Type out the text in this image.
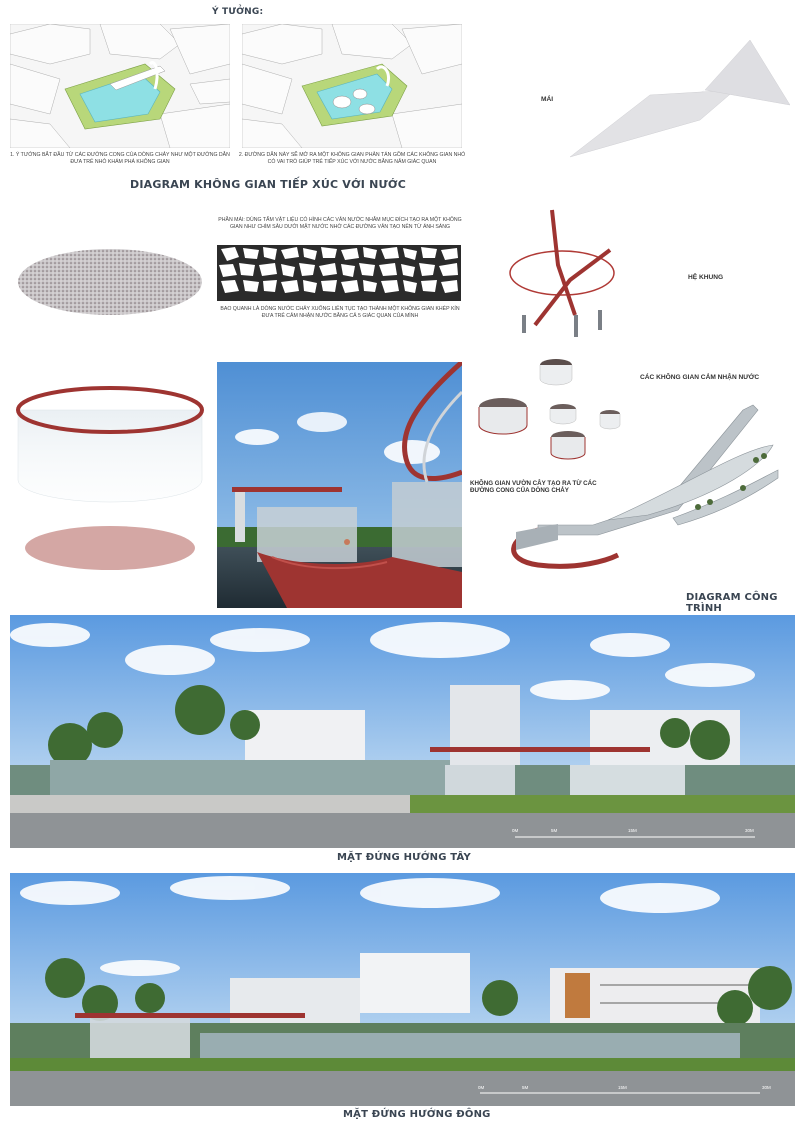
Ý TƯỞNG:
1. Ý TƯỞNG BẮT ĐẦU TỪ CÁC ĐƯỜNG CONG CỦA DÒNG CHẢY NHƯ MỘT ĐƯỜNG DẪN ĐƯA TRẺ NHỎ KHÁM PHÁ KHÔNG GIAN
2. ĐƯỜNG DẪN NÀY SẼ MỞ RA MỘT KHÔNG GIAN PHÂN TÁN GỒM CÁC KHÔNG GIAN NHỎ CÓ VAI TRÒ GIÚP TRẺ TIẾP XÚC VỚI NƯỚC BẰNG NĂM GIÁC QUAN
DIAGRAM KHÔNG GIAN TIẾP XÚC VỚI NƯỚC
MÁI
PHẦN MÁI: DÙNG TẤM VẬT LIỆU CÓ HÌNH CÁC VÂN NƯỚC NHẰM MỤC ĐÍCH TẠO RA MỘT KHÔNG GIAN NHƯ CHÌM SÂU DƯỚI MẶT NƯỚC NHỜ CÁC ĐƯỜNG VÂN TẠO NÊN TỪ ÁNH SÁNG
BAO QUANH LÀ DÒNG NƯỚC CHẢY XUỐNG LIÊN TỤC TẠO THÀNH MỘT KHÔNG GIAN KHÉP KÍN ĐƯA TRẺ CẢM NHẬN NƯỚC BẰNG CẢ 5 GIÁC QUAN CỦA MÌNH
HỆ KHUNG
CÁC KHÔNG GIAN CẢM NHẬN NƯỚC
KHÔNG GIAN VƯỜN CÂY TẠO RA TỪ CÁC ĐƯỜNG CONG CỦA DÒNG CHẢY
DIAGRAM CÔNG TRÌNH
0M	5M	15M	30M
MẶT ĐỨNG HƯỚNG TÂY
0M	5M	15M	30M
MẶT ĐỨNG HƯỚNG ĐÔNG
